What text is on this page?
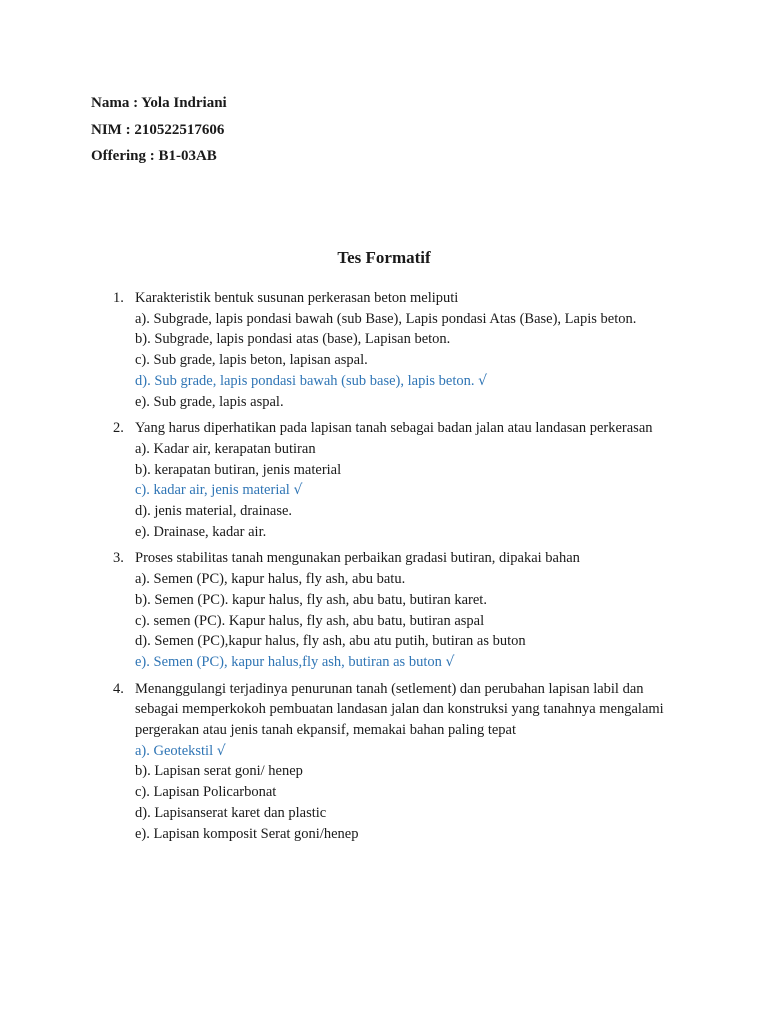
Nama : Yola Indriani
NIM : 210522517606
Offering : B1-03AB
Tes Formatif
1. Karakteristik bentuk susunan perkerasan beton meliputi
a). Subgrade, lapis pondasi bawah (sub Base), Lapis pondasi Atas (Base), Lapis beton.
b). Subgrade, lapis pondasi atas (base), Lapisan beton.
c). Sub grade, lapis beton, lapisan aspal.
d). Sub grade, lapis pondasi bawah (sub base), lapis beton. √
e). Sub grade, lapis aspal.
2. Yang harus diperhatikan pada lapisan tanah sebagai badan jalan atau landasan perkerasan
a). Kadar air, kerapatan butiran
b). kerapatan butiran, jenis material
c). kadar air, jenis material √
d). jenis material, drainase.
e). Drainase, kadar air.
3. Proses stabilitas tanah mengunakan perbaikan gradasi butiran, dipakai bahan
a). Semen (PC), kapur halus, fly ash, abu batu.
b). Semen (PC). kapur halus, fly ash, abu batu, butiran karet.
c). semen (PC). Kapur halus, fly ash, abu batu, butiran aspal
d). Semen (PC),kapur halus, fly ash, abu atu putih, butiran as buton
e). Semen (PC), kapur halus,fly ash, butiran as buton √
4. Menanggulangi terjadinya penurunan tanah (setlement) dan perubahan lapisan labil dan sebagai memperkokoh pembuatan landasan jalan dan konstruksi yang tanahnya mengalami pergerakan atau jenis tanah ekpansif, memakai bahan paling tepat
a). Geotekstil √
b). Lapisan serat goni/ henep
c). Lapisan Policarbonat
d). Lapisanserat karet dan plastic
e). Lapisan komposit Serat goni/henep
